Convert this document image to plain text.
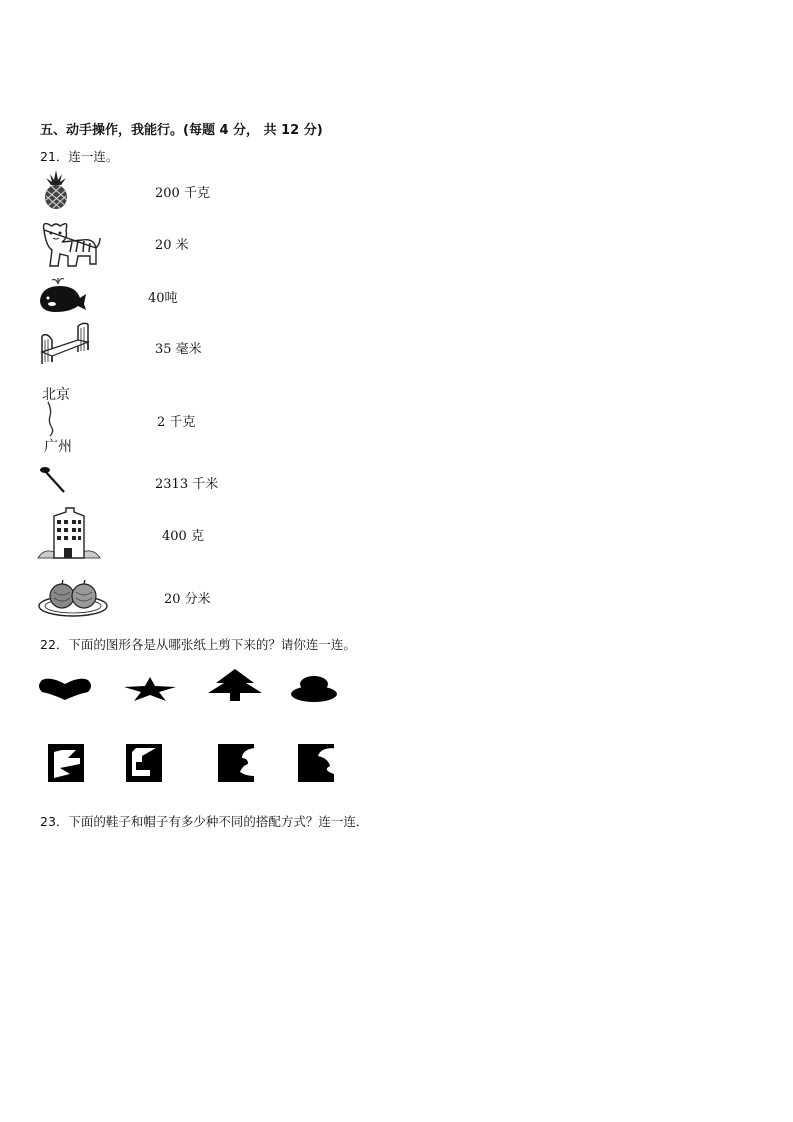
五、动手操作，我能行。(每题 4 分， 共 12 分)
21．连一连。
200 千克
20 米
40吨
35 毫米
北京
广州
2 千克
2313 千米
400 克
20 分米
22．下面的图形各是从哪张纸上剪下来的？请你连一连。
23．下面的鞋子和帽子有多少种不同的搭配方式？连一连．
